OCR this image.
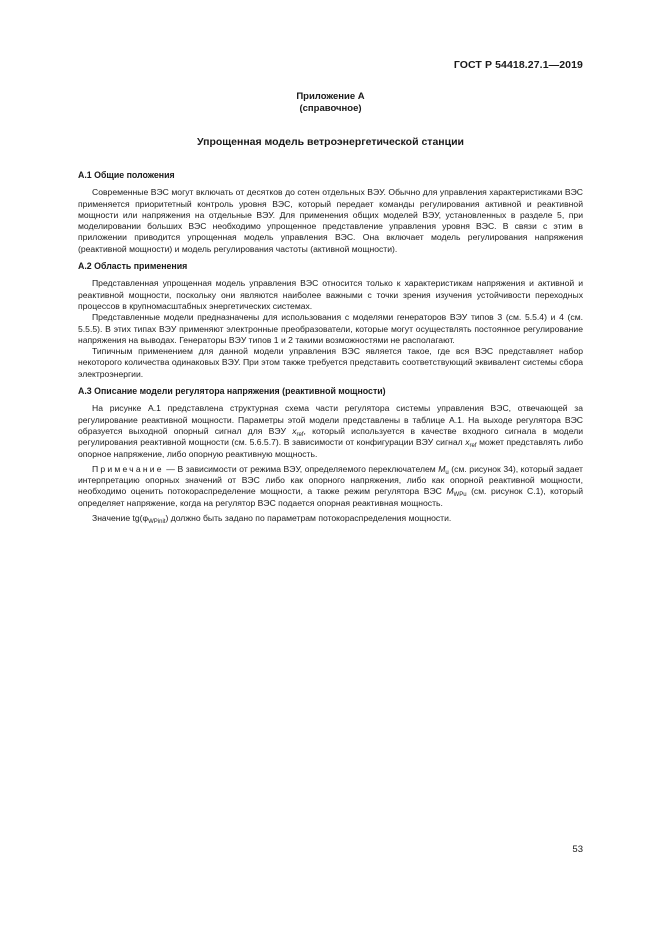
ГОСТ Р 54418.27.1—2019
Приложение А
(справочное)
Упрощенная модель ветроэнергетической станции
А.1 Общие положения

Современные ВЭС могут включать от десятков до сотен отдельных ВЭУ. Обычно для управления характеристиками ВЭС применяется приоритетный контроль уровня ВЭС, который передает команды регулирования активной и реактивной мощности или напряжения на отдельные ВЭУ. Для применения общих моделей ВЭУ, установленных в разделе 5, при моделировании больших ВЭС необходимо упрощенное представление управления уровня ВЭС. В связи с этим в приложении приводится упрощенная модель управления ВЭС. Она включает модель регулирования напряжения (реактивной мощности) и модель регулирования частоты (активной мощности).

А.2 Область применения

Представленная упрощенная модель управления ВЭС относится только к характеристикам напряжения и активной и реактивной мощности, поскольку они являются наиболее важными с точки зрения изучения устойчивости переходных процессов в крупномасштабных энергетических системах.

Представленные модели предназначены для использования с моделями генераторов ВЭУ типов 3 (см. 5.5.4) и 4 (см. 5.5.5). В этих типах ВЭУ применяют электронные преобразователи, которые могут осуществлять постоянное регулирование напряжения на выводах. Генераторы ВЭУ типов 1 и 2 такими возможностями не располагают.

Типичным применением для данной модели управления ВЭС является такое, где вся ВЭС представляет набор некоторого количества одинаковых ВЭУ. При этом также требуется представить соответствующий эквивалент системы сбора электроэнергии.

А.3 Описание модели регулятора напряжения (реактивной мощности)

На рисунке А.1 представлена структурная схема части регулятора системы управления ВЭС, отвечающей за регулирование реактивной мощности. Параметры этой модели представлены в таблице А.1. На выходе регулятора ВЭС образуется выходной опорный сигнал для ВЭУ $x_{ref}$, который используется в качестве входного сигнала в модели регулирования реактивной мощности (см. 5.6.5.7). В зависимости от конфигурации ВЭУ сигнал $x_{ref}$ может представлять либо опорное напряжение, либо опорную реактивную мощность.

Примечание — В зависимости от режима ВЭУ, определяемого переключателем $M_u$ (см. рисунок 34), который задает интерпретацию опорных значений от ВЭС либо как опорного напряжения, либо как опорной реактивной мощности, необходимо оценить потокораспределение мощности, а также режим регулятора ВЭС $M_{WPu}$ (см. рисунок С.1), который определяет напряжение, когда на регулятор ВЭС подается опорная реактивная мощность.

Значение $tg(\varphi_{WPinit})$ должно быть задано по параметрам потокораспределения мощности.

53
